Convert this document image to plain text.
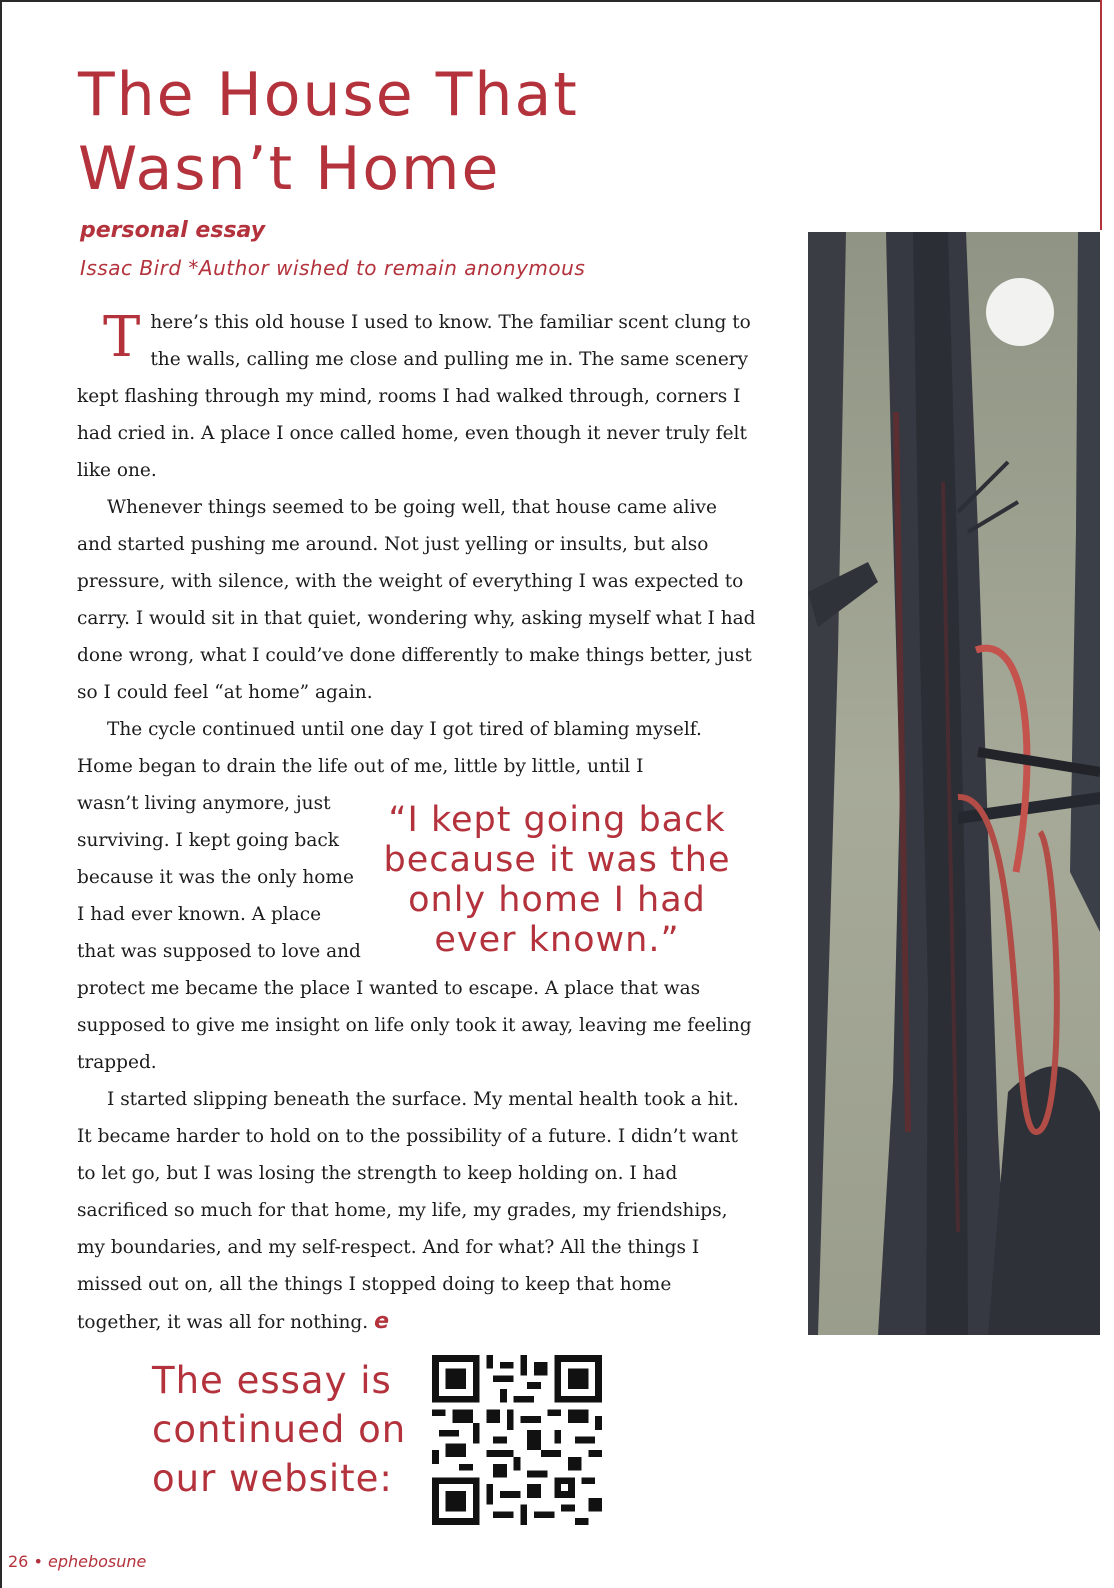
The House That
Wasn’t Home
personal essay
Issac Bird *Author wished to remain anonymous

There’s this old house I used to know. The familiar scent clung to the walls, calling me close and pulling me in. The same scenery kept flashing through my mind, rooms I had walked through, corners I had cried in. A place I once called home, even though it never truly felt like one.

Whenever things seemed to be going well, that house came alive and started pushing me around. Not just yelling or insults, but also pressure, with silence, with the weight of everything I was expected to carry. I would sit in that quiet, wondering why, asking myself what I had done wrong, what I could’ve done differently to make things better, just so I could feel “at home” again.

The cycle continued until one day I got tired of blaming myself. Home began to drain the life out of me, little by little, until I

wasn’t living anymore, just
surviving. I kept going back
because it was the only home
I had ever known. A place
that was supposed to love and

“I kept going back because it was the only home I had ever known.”

protect me became the place I wanted to escape. A place that was supposed to give me insight on life only took it away, leaving me feeling trapped.

I started slipping beneath the surface. My mental health took a hit. It became harder to hold on to the possibility of a future. I didn’t want to let go, but I was losing the strength to keep holding on. I had sacrificed so much for that home, my life, my grades, my friendships, my boundaries, and my self-respect. And for what? All the things I missed out on, all the things I stopped doing to keep that home together, it was all for nothing. e

The essay is
continued on
our website:
26 • ephebosune
